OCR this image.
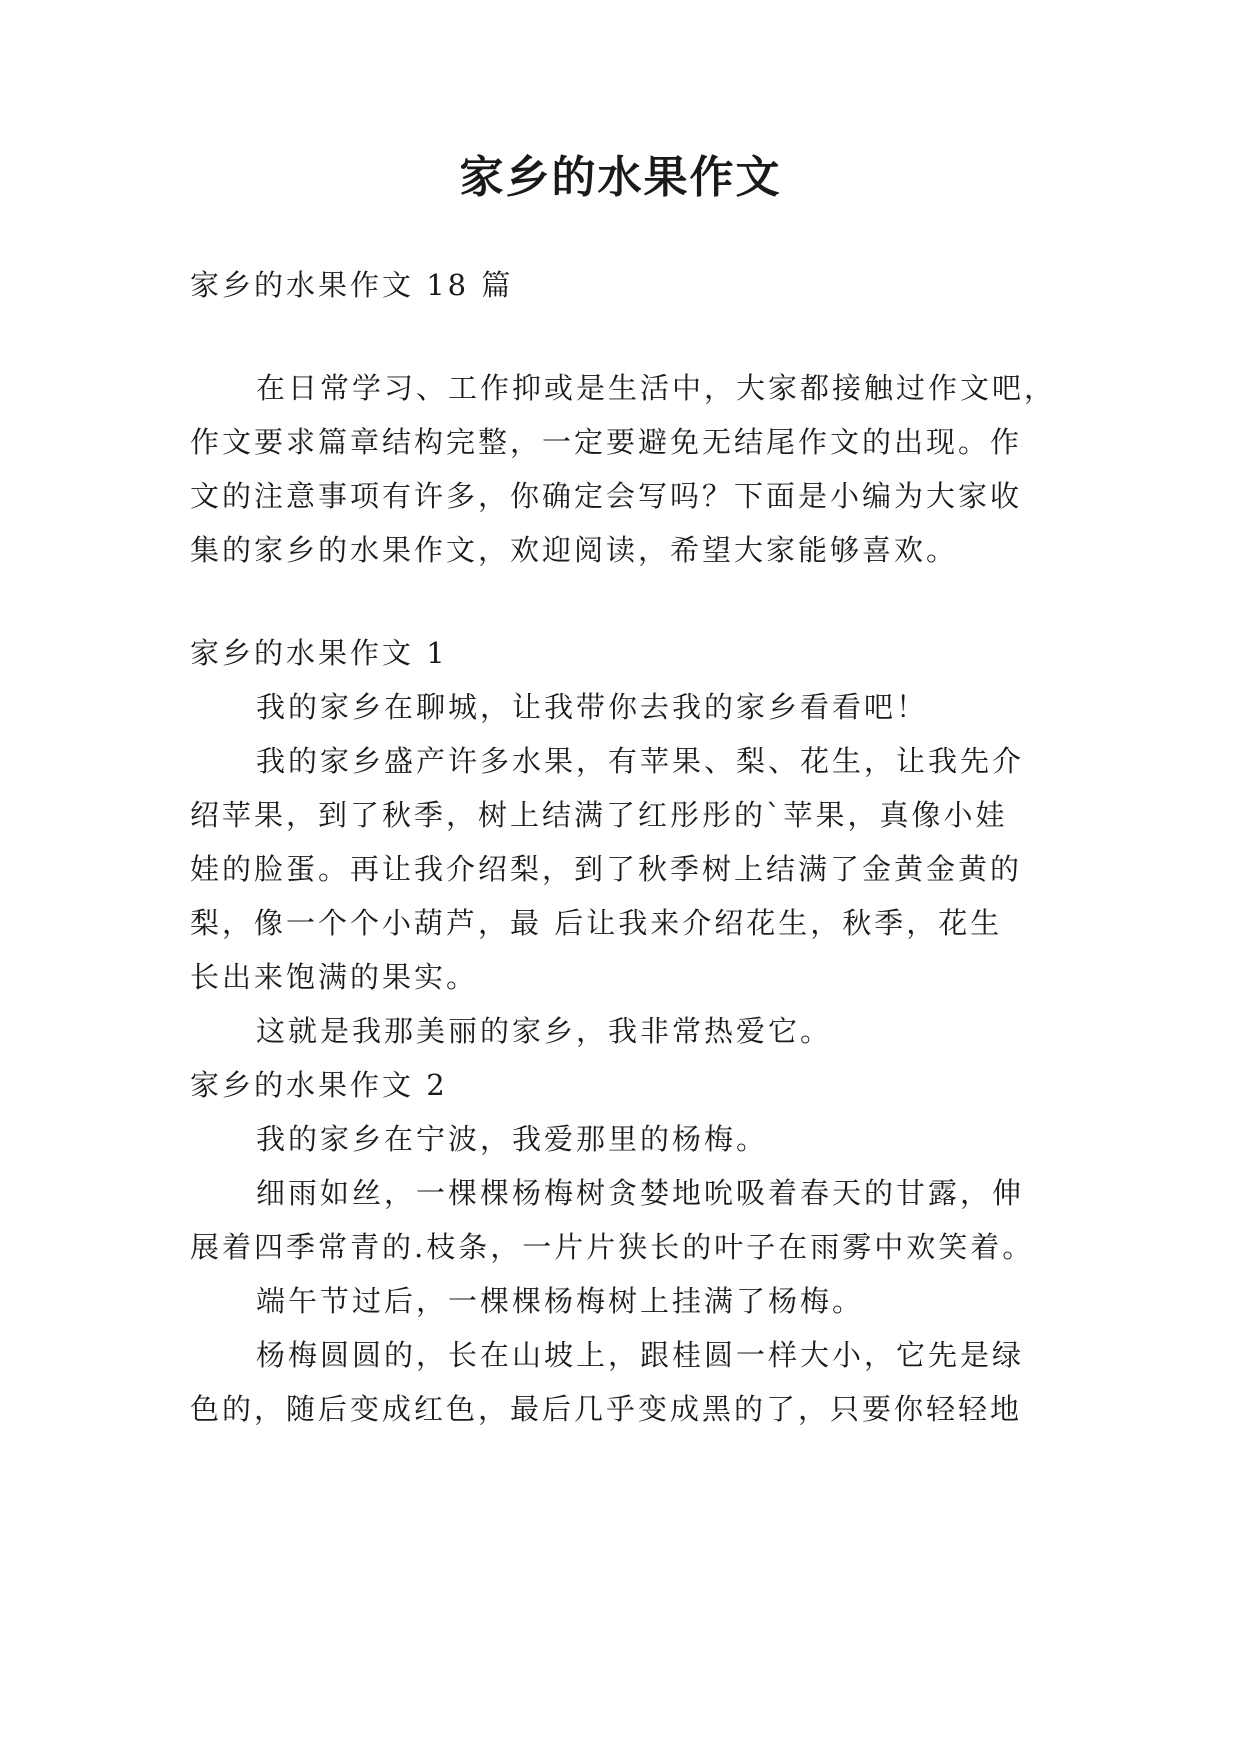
家乡的水果作文
家乡的水果作文 18 篇
在日常学习、工作抑或是生活中，大家都接触过作文吧，
作文要求篇章结构完整，一定要避免无结尾作文的出现。作
文的注意事项有许多，你确定会写吗？下面是小编为大家收
集的家乡的水果作文，欢迎阅读，希望大家能够喜欢。
家乡的水果作文 1
我的家乡在聊城，让我带你去我的家乡看看吧！
我的家乡盛产许多水果，有苹果、梨、花生，让我先介
绍苹果，到了秋季，树上结满了红彤彤的`苹果，真像小娃
娃的脸蛋。再让我介绍梨，到了秋季树上结满了金黄金黄的
梨，像一个个小葫芦，最 后让我来介绍花生，秋季，花生
长出来饱满的果实。
这就是我那美丽的家乡，我非常热爱它。
家乡的水果作文 2
我的家乡在宁波，我爱那里的杨梅。
细雨如丝，一棵棵杨梅树贪婪地吮吸着春天的甘露，伸
展着四季常青的.枝条，一片片狭长的叶子在雨雾中欢笑着。
端午节过后，一棵棵杨梅树上挂满了杨梅。
杨梅圆圆的，长在山坡上，跟桂圆一样大小，它先是绿
色的，随后变成红色，最后几乎变成黑的了，只要你轻轻地
